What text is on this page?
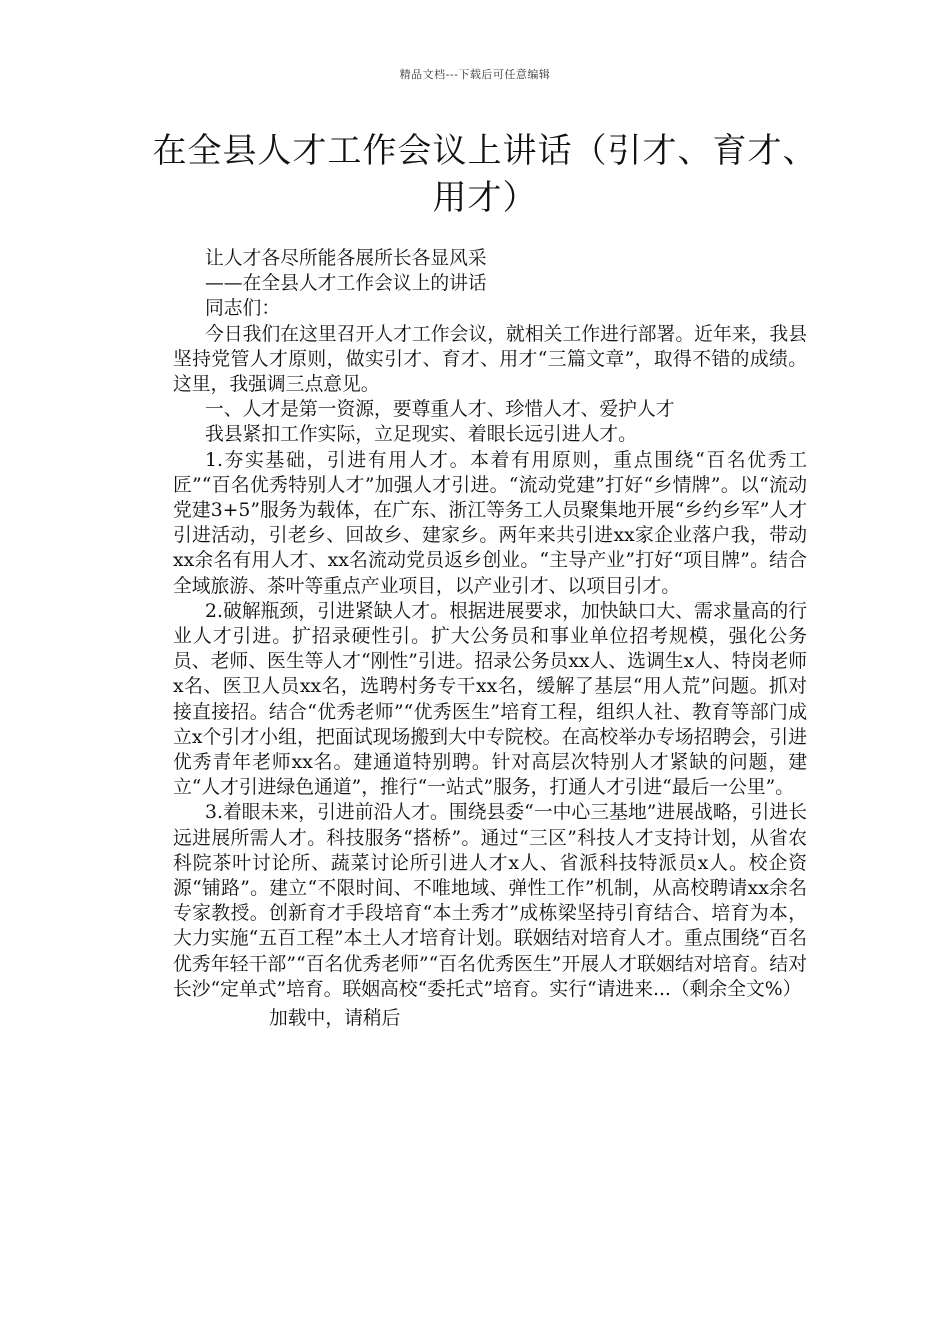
精品文档---下载后可任意编辑
在全县人才工作会议上讲话（引才、育才、用才）

让人才各尽所能各展所长各显风采

——在全县人才工作会议上的讲话

同志们：

今日我们在这里召开人才工作会议，就相关工作进行部署。近年来，我县坚持党管人才原则，做实引才、育才、用才“三篇文章”，取得不错的成绩。这里，我强调三点意见。

一、人才是第一资源，要尊重人才、珍惜人才、爱护人才

我县紧扣工作实际，立足现实、着眼长远引进人才。

1.夯实基础，引进有用人才。本着有用原则，重点围绕“百名优秀工匠”“百名优秀特别人才”加强人才引进。“流动党建”打好“乡情牌”。以“流动党建3+5”服务为载体，在广东、浙江等务工人员聚集地开展“乡约乡军”人才引进活动，引老乡、回故乡、建家乡。两年来共引进xx家企业落户我，带动xx余名有用人才、xx名流动党员返乡创业。“主导产业”打好“项目牌”。结合全域旅游、茶叶等重点产业项目，以产业引才、以项目引才。

2.破解瓶颈，引进紧缺人才。根据进展要求，加快缺口大、需求量高的行业人才引进。扩招录硬性引。扩大公务员和事业单位招考规模，强化公务员、老师、医生等人才“刚性”引进。招录公务员xx人、选调生x人、特岗老师x名、医卫人员xx名，选聘村务专干xx名，缓解了基层“用人荒”问题。抓对接直接招。结合“优秀老师”“优秀医生”培育工程，组织人社、教育等部门成立x个引才小组，把面试现场搬到大中专院校。在高校举办专场招聘会，引进优秀青年老师xx名。建通道特别聘。针对高层次特别人才紧缺的问题，建立“人才引进绿色通道”，推行“一站式”服务，打通人才引进“最后一公里”。

3.着眼未来，引进前沿人才。围绕县委“一中心三基地”进展战略，引进长远进展所需人才。科技服务“搭桥”。通过“三区”科技人才支持计划，从省农科院茶叶讨论所、蔬菜讨论所引进人才x人、省派科技特派员x人。校企资源“铺路”。建立“不限时间、不唯地域、弹性工作”机制，从高校聘请xx余名专家教授。创新育才手段培育“本土秀才”成栋梁坚持引育结合、培育为本，大力实施“五百工程”本土人才培育计划。联姻结对培育人才。重点围绕“百名优秀年轻干部”“百名优秀老师”“百名优秀医生”开展人才联姻结对培育。结对长沙“定单式”培育。联姻高校“委托式”培育。实行“请进来...（剩余全文%）

加载中，请稍后
